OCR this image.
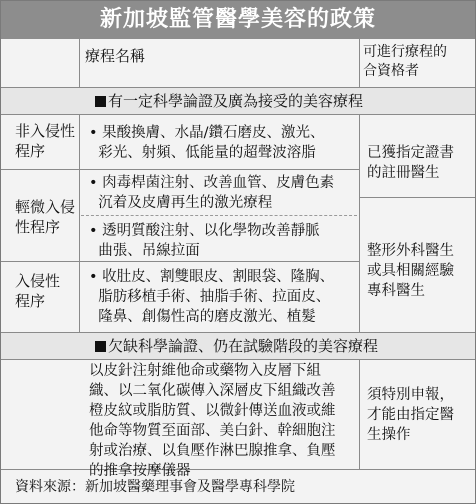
新加坡監管醫學美容的政策
療程名稱	可進行療程的
合資格者
有一定科學論證及廣為接受的美容療程
非入侵性
程序
輕微入侵
性程序
入侵性
程序
• 果酸換膚、水晶/鑽石磨皮、激光、
彩光、射頻、低能量的超聲波溶脂
• 肉毒桿菌注射、改善血管、皮膚色素
沉着及皮膚再生的激光療程
• 透明質酸注射、以化學物改善靜脈
曲張、吊線拉面
• 收肚皮、割雙眼皮、割眼袋、隆胸、
脂肪移植手術、抽脂手術、拉面皮、
隆鼻、創傷性高的磨皮激光、植髮
已獲指定證書
的註冊醫生
整形外科醫生
或具相關經驗
專科醫生
欠缺科學論證、仍在試驗階段的美容療程
以皮針注射維他命或藥物入皮層下組
織、以二氧化碳傳入深層皮下組織改善
橙皮紋或脂肪質、以微針傳送血液或維
他命等物質至面部、美白針、幹細胞注
射或治療、以負壓作淋巴腺推拿、負壓
的推拿按摩儀器
須特別申報，
才能由指定醫
生操作
資料來源：新加坡醫藥理事會及醫學專科學院
